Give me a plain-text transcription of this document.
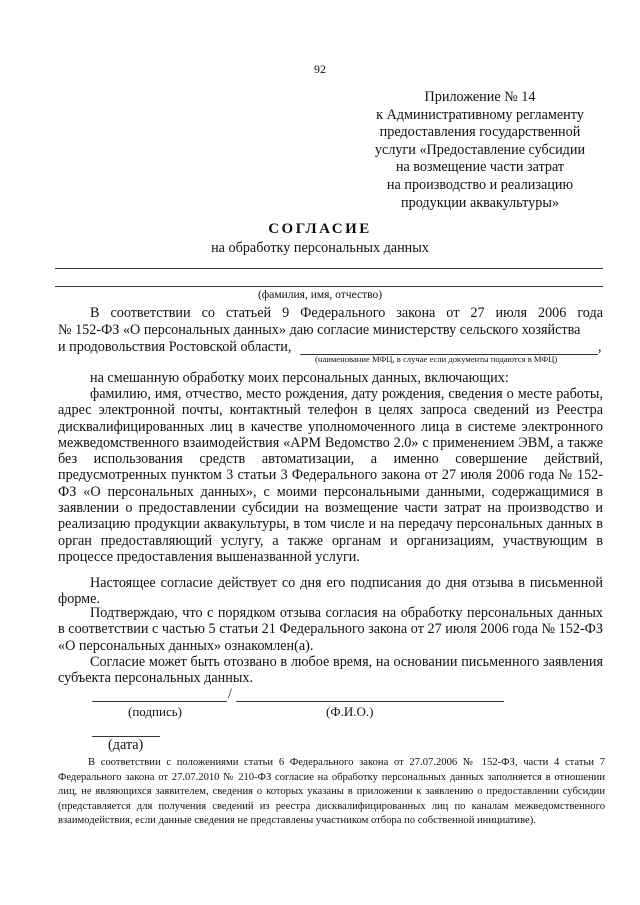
92
Приложение № 14
к Административному регламенту
предоставления государственной
услуги «Предоставление субсидии
на возмещение части затрат
на производство и реализацию
продукции аквакультуры»
СОГЛАСИЕ
на обработку персональных данных
(фамилия, имя, отчество)
В соответствии со статьей 9 Федерального закона от 27 июля 2006 года
№ 152-ФЗ «О персональных данных» даю согласие министерству сельского хозяйства
и продовольствия Ростовской области,	,
(наименование МФЦ, в случае если документы подаются в МФЦ)
на смешанную обработку моих персональных данных, включающих:
фамилию, имя, отчество, место рождения, дату рождения, сведения о месте работы, адрес электронной почты, контактный телефон в целях запроса сведений из Реестра дисквалифицированных лиц в качестве уполномоченного лица в системе электронного межведомственного взаимодействия «АРМ Ведомство 2.0» с применением ЭВМ, а также без использования средств автоматизации, а именно совершение действий, предусмотренных пунктом 3 статьи 3 Федерального закона от 27 июля 2006 года № 152-ФЗ «О персональных данных», с моими персональными данными, содержащимися в заявлении о предоставлении субсидии на возмещение части затрат на производство и реализацию продукции аквакультуры, в том числе и на передачу персональных данных в орган предоставляющий услугу, а также органам и организациям, участвующим в процессе предоставления вышеназванной услуги.
Настоящее согласие действует со дня его подписания до дня отзыва в письменной форме.
Подтверждаю, что с порядком отзыва согласия на обработку персональных данных в соответствии с частью 5 статьи 21 Федерального закона от 27 июля 2006 года № 152-ФЗ «О персональных данных» ознакомлен(а).
Согласие может быть отозвано в любое время, на основании письменного заявления субъекта персональных данных.
/
(подпись)	(Ф.И.О.)
(дата)
В соответствии с положениями статьи 6 Федерального закона от 27.07.2006 № 152-ФЗ, части 4 статьи 7 Федерального закона от 27.07.2010 № 210-ФЗ согласие на обработку персональных данных заполняется в отношении лиц, не являющихся заявителем, сведения о которых указаны в приложении к заявлению о предоставлении субсидии (представляется для получения сведений из реестра дисквалифицированных лиц по каналам межведомственного взаимодействия, если данные сведения не представлены участником отбора по собственной инициативе).
